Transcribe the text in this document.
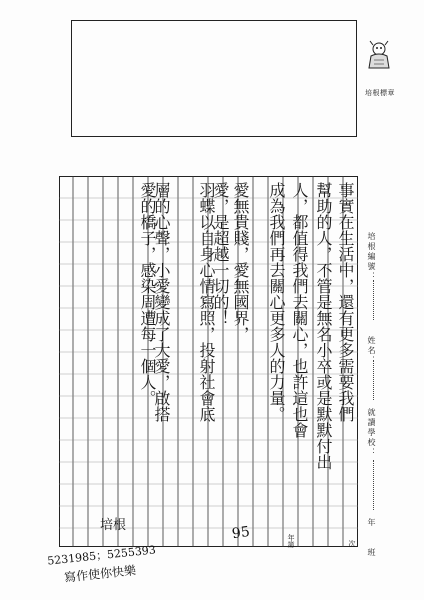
培根標章
事實在生活中，還有更多需要我們
幫助的人，不管是無名小卒或是默默付出
人，都值得我們去關心，也許這也會
成為我們再去關心更多人的力量。
愛無貴賤，愛無國界，
愛，是超越一切的！
羽蝶以自身心情寫照，投射社會底
層的心聲，小愛變成了大愛，啟搭
愛的橋子，感染周遭每一個人。	培根編號：
姓名：
就讀學校：
年
班
年第	次
培根	95
5231985；5255393
寫作使你快樂
